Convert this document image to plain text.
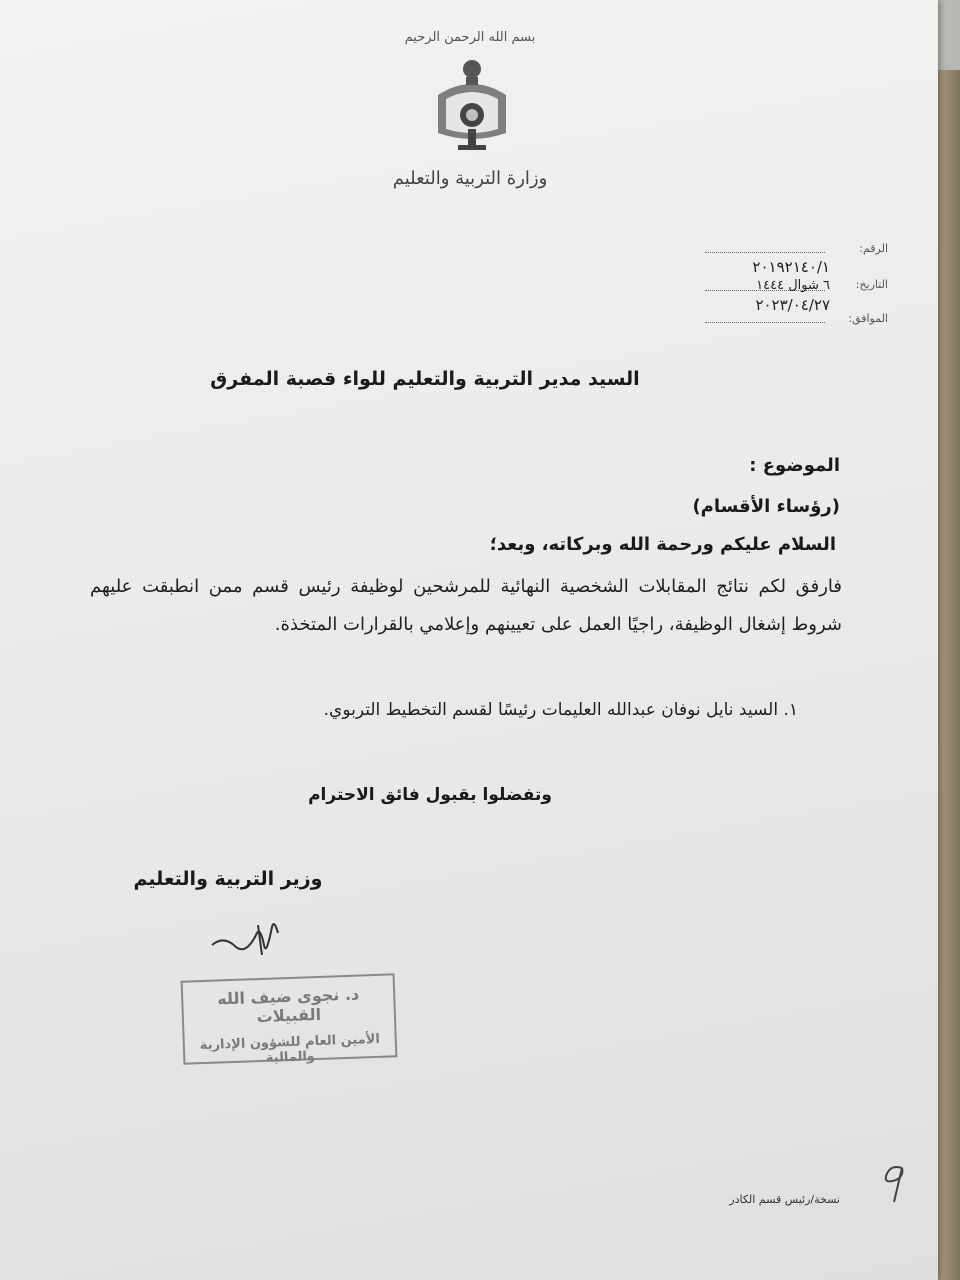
بسم الله الرحمن الرحيم
وزارة التربية والتعليم
الرقم:
٢٠١٩٢١٤٠/١
التاريخ:
٦ شوال ١٤٤٤
الموافق:
٢٠٢٣/٠٤/٢٧
السيد مدير التربية والتعليم للواء قصبة المفرق
الموضوع :
(رؤساء الأقسام)
السلام عليكم ورحمة الله وبركاته، وبعد؛
فارفق لكم نتائج المقابلات الشخصية النهائية للمرشحين لوظيفة رئيس قسم ممن انطبقت عليهم شروط إشغال الوظيفة، راجيًا العمل على تعيينهم وإعلامي بالقرارات المتخذة.
١. السيد نايل نوفان عبدالله العليمات رئيسًا لقسم التخطيط التربوي.
وتفضلوا بقبول فائق الاحترام
وزير التربية والتعليم
د. نجوى ضيف الله القبيلات
الأمين العام للشؤون الإدارية والمالية
نسخة/رئيس قسم الكادر
